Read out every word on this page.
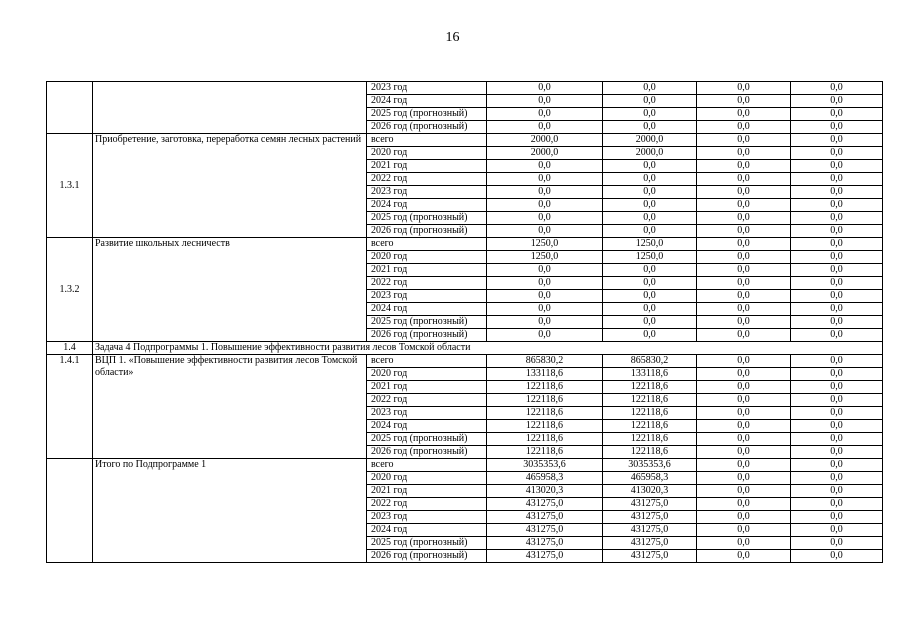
16
		2023 год	0,0	0,0	0,0	0,0
		2024 год	0,0	0,0	0,0	0,0
		2025 год (прогнозный)	0,0	0,0	0,0	0,0
		2026 год (прогнозный)	0,0	0,0	0,0	0,0
1.3.1	Приобретение, заготовка, переработка семян лесных растений	всего	2000,0	2000,0	0,0	0,0
		2020 год	2000,0	2000,0	0,0	0,0
		2021 год	0,0	0,0	0,0	0,0
		2022 год	0,0	0,0	0,0	0,0
		2023 год	0,0	0,0	0,0	0,0
		2024 год	0,0	0,0	0,0	0,0
		2025 год (прогнозный)	0,0	0,0	0,0	0,0
		2026 год (прогнозный)	0,0	0,0	0,0	0,0
1.3.2	Развитие школьных лесничеств	всего	1250,0	1250,0	0,0	0,0
		2020 год	1250,0	1250,0	0,0	0,0
		2021 год	0,0	0,0	0,0	0,0
		2022 год	0,0	0,0	0,0	0,0
		2023 год	0,0	0,0	0,0	0,0
		2024 год	0,0	0,0	0,0	0,0
		2025 год (прогнозный)	0,0	0,0	0,0	0,0
		2026 год (прогнозный)	0,0	0,0	0,0	0,0
1.4	Задача 4 Подпрограммы 1. Повышение эффективности развития лесов Томской области					
1.4.1	ВЦП 1. «Повышение эффективности развития лесов Томской области»	всего	865830,2	865830,2	0,0	0,0
		2020 год	133118,6	133118,6	0,0	0,0
		2021 год	122118,6	122118,6	0,0	0,0
		2022 год	122118,6	122118,6	0,0	0,0
		2023 год	122118,6	122118,6	0,0	0,0
		2024 год	122118,6	122118,6	0,0	0,0
		2025 год (прогнозный)	122118,6	122118,6	0,0	0,0
		2026 год (прогнозный)	122118,6	122118,6	0,0	0,0
	Итого по Подпрограмме 1	всего	3035353,6	3035353,6	0,0	0,0
		2020 год	465958,3	465958,3	0,0	0,0
		2021 год	413020,3	413020,3	0,0	0,0
		2022 год	431275,0	431275,0	0,0	0,0
		2023 год	431275,0	431275,0	0,0	0,0
		2024 год	431275,0	431275,0	0,0	0,0
		2025 год (прогнозный)	431275,0	431275,0	0,0	0,0
		2026 год (прогнозный)	431275,0	431275,0	0,0	0,0
